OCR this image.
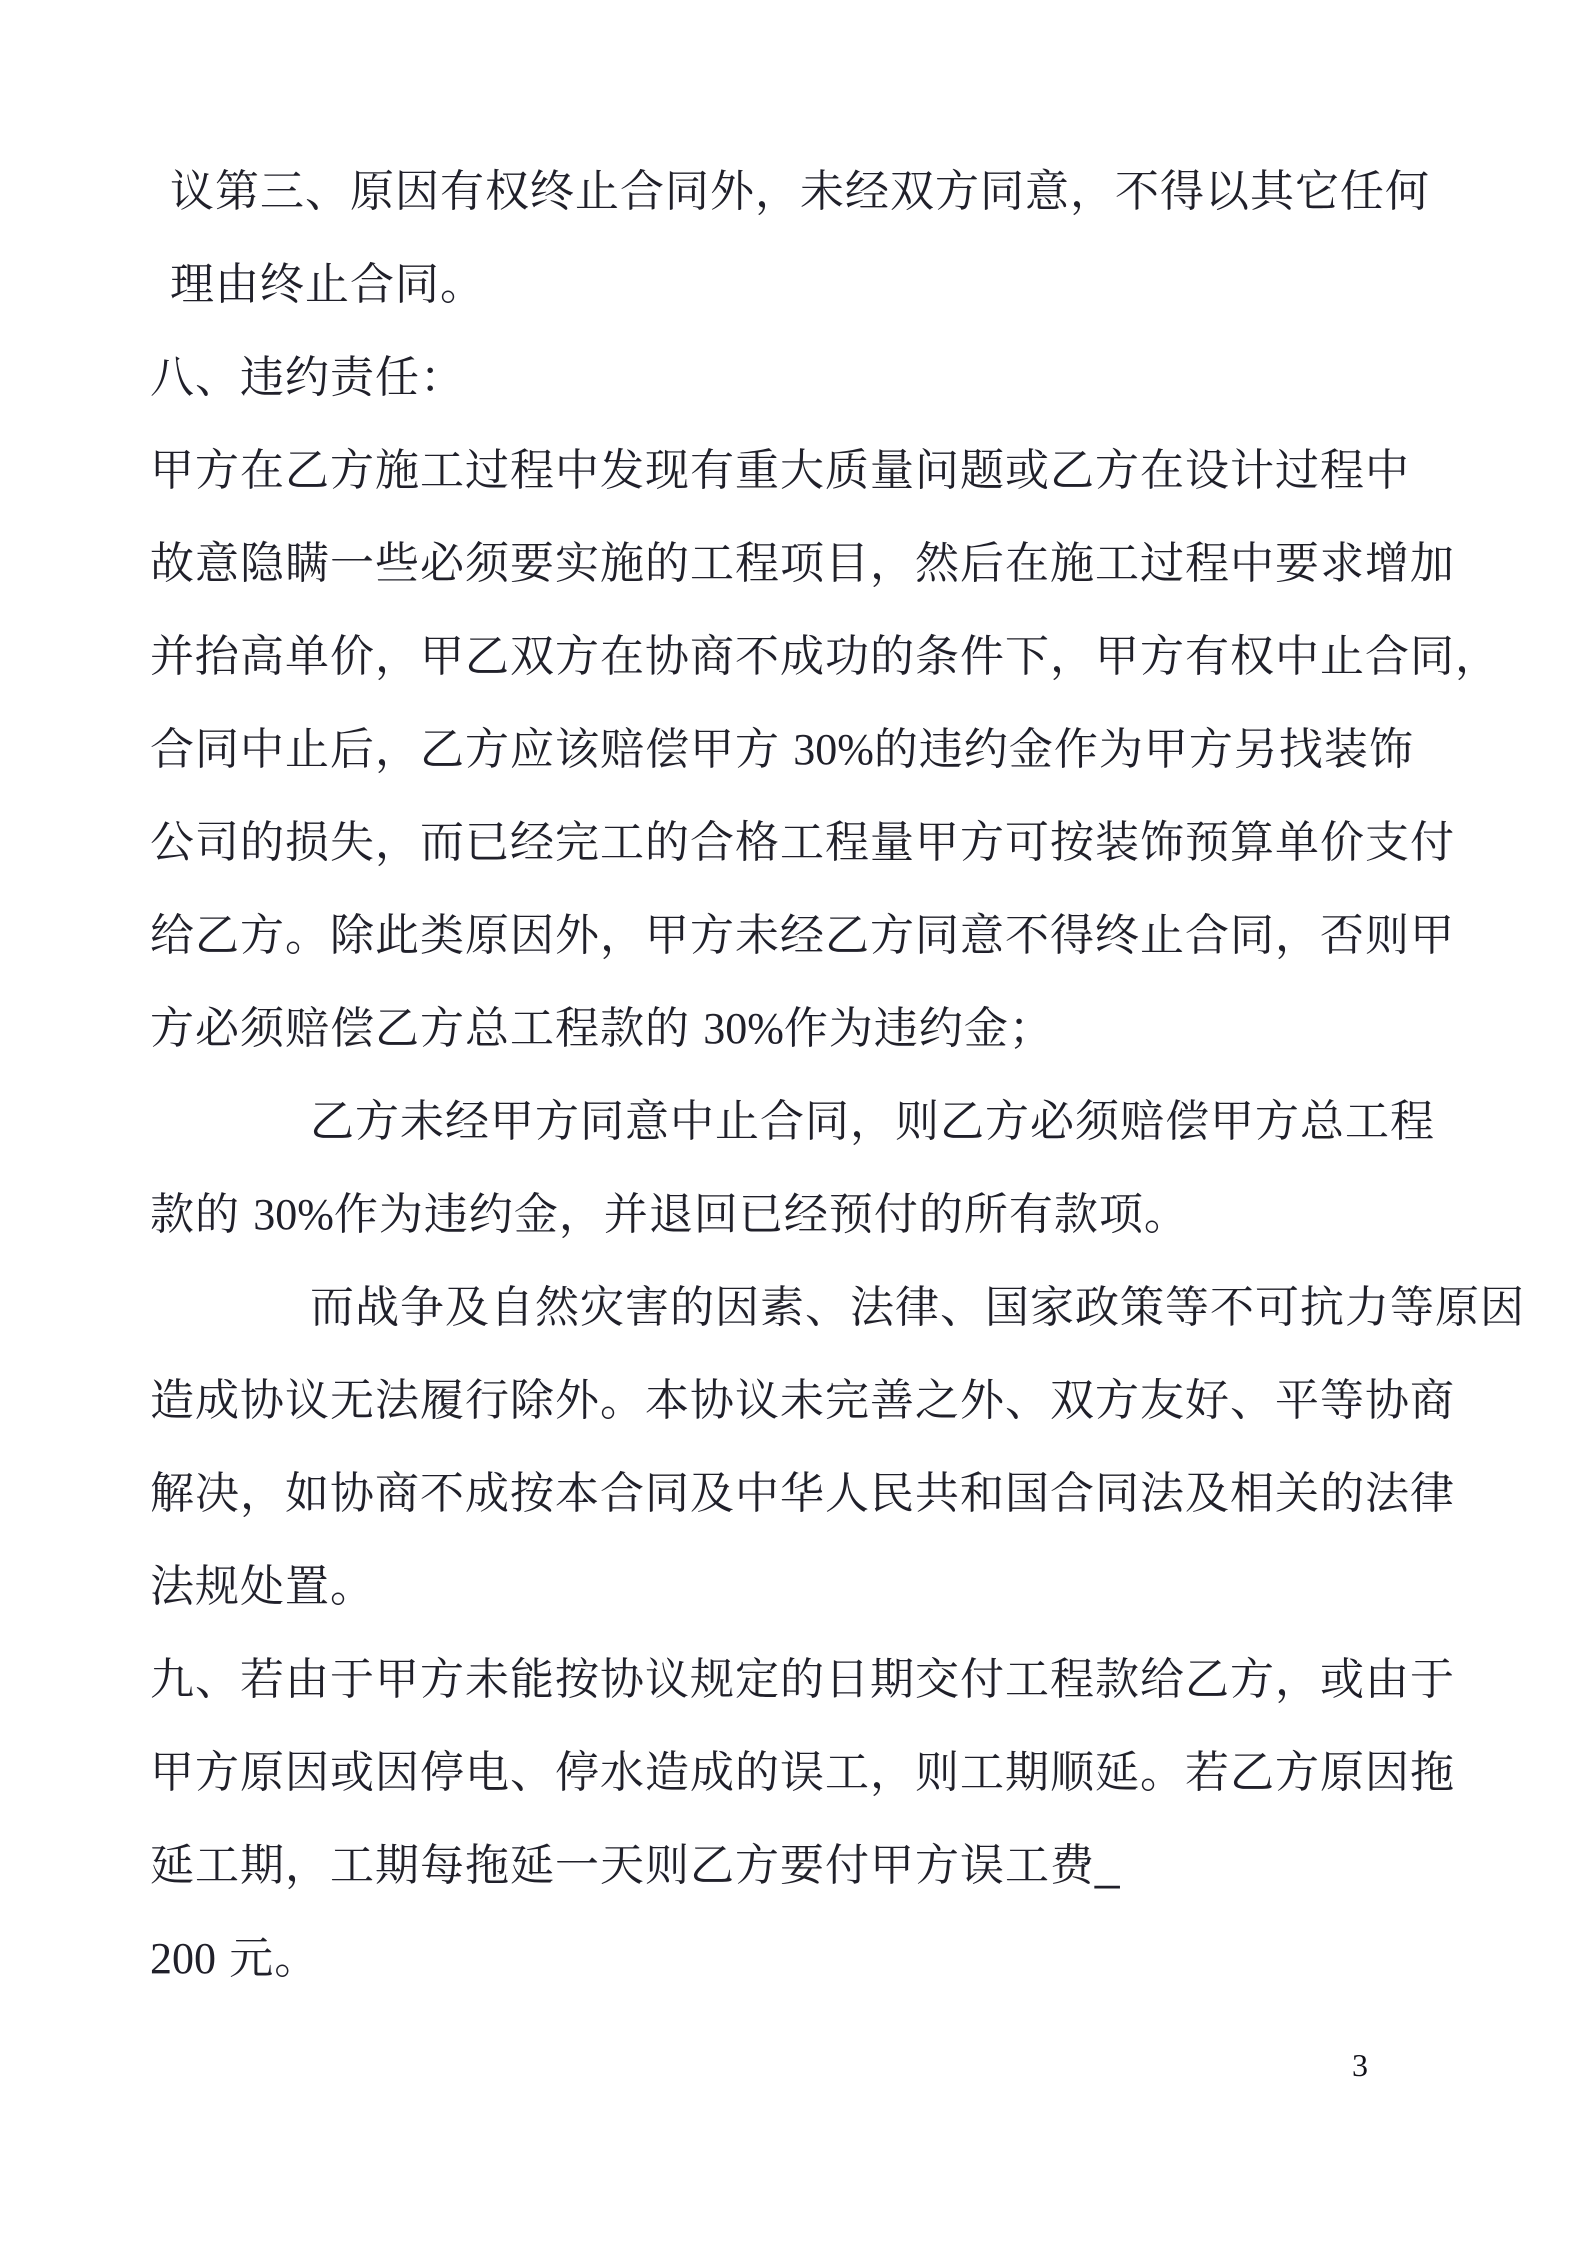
议第三、原因有权终止合同外，未经双方同意，不得以其它任何
理由终止合同。
八、违约责任：
甲方在乙方施工过程中发现有重大质量问题或乙方在设计过程中
故意隐瞒一些必须要实施的工程项目，然后在施工过程中要求增加
并抬高单价，甲乙双方在协商不成功的条件下，甲方有权中止合同，
合同中止后，乙方应该赔偿甲方 30%的违约金作为甲方另找装饰
公司的损失，而已经完工的合格工程量甲方可按装饰预算单价支付
给乙方。除此类原因外，甲方未经乙方同意不得终止合同，否则甲
方必须赔偿乙方总工程款的 30%作为违约金；
乙方未经甲方同意中止合同，则乙方必须赔偿甲方总工程
款的 30%作为违约金，并退回已经预付的所有款项。
而战争及自然灾害的因素、法律、国家政策等不可抗力等原因
造成协议无法履行除外。本协议未完善之外、双方友好、平等协商
解决，如协商不成按本合同及中华人民共和国合同法及相关的法律
法规处置。
九、若由于甲方未能按协议规定的日期交付工程款给乙方，或由于
甲方原因或因停电、停水造成的误工，则工期顺延。若乙方原因拖
延工期，工期每拖延一天则乙方要付甲方误工费_
200 元。
3
